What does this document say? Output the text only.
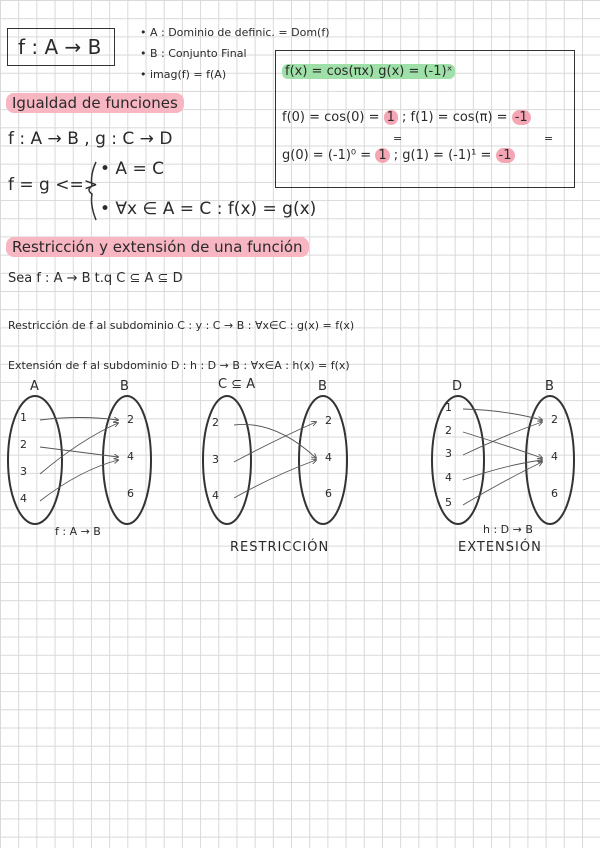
f : A → B
• A : Dominio de definic. = Dom(f)
• B : Conjunto Final
• imag(f) = f(A)	f(x) = cos(πx) g(x) = (-1)ˣ
f(0) = cos(0) = 1 ; f(1) = cos(π) = -1
=	=
g(0) = (-1)⁰ = 1 ; g(1) = (-1)¹ = -1
Igualdad de funciones
f : A → B , g : C → D
f = g <=>
• A = C
• ∀x ∈ A = C : f(x) = g(x)
Restricción y extensión de una función
Sea f : A → B t.q C ⊆ A ⊆ D
Restricción de f al subdominio C : y : C → B : ∀x∈C : g(x) = f(x)
Extensión de f al subdominio D : h : D → B : ∀x∈A : h(x) = f(x)
A	B	C ⊆ A	B	D	B
1
2
3
4
2
4
6
f : A → B
2
3
4
2
4
6
RESTRICCIÓN
1
2
3
4
5
2
4
6
h : D → B
EXTENSIÓN
